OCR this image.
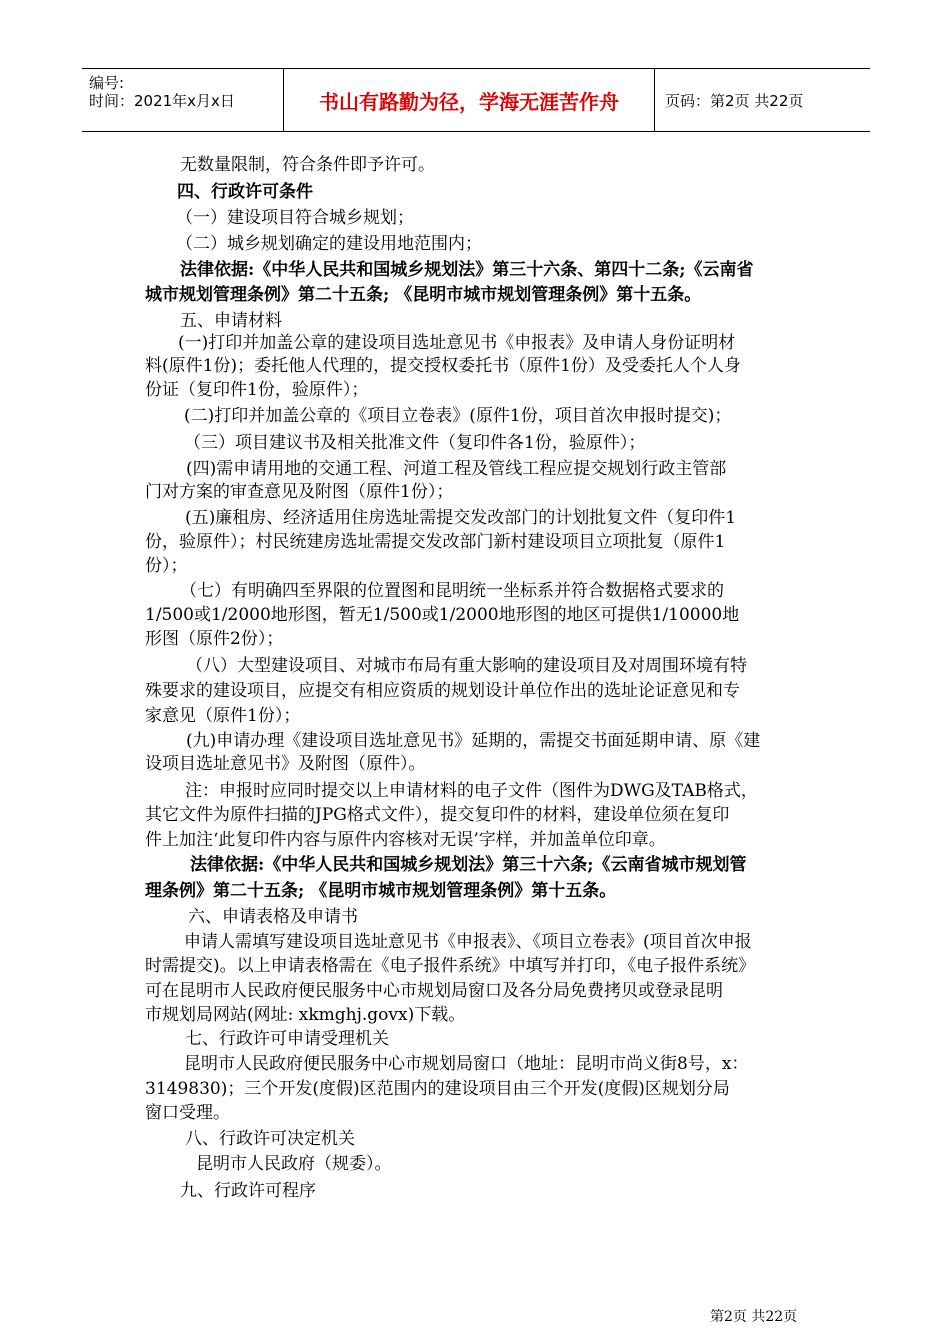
编号:
时间：2021年x月x日	书山有路勤为径，学海无涯苦作舟	页码：第2页 共22页
无数量限制，符合条件即予许可。
四、行政许可条件
（一）建设项目符合城乡规划；
（二）城乡规划确定的建设用地范围内；
法律依据:《中华人民共和国城乡规划法》第三十六条、第四十二条;《云南省
城市规划管理条例》第二十五条; 《昆明市城市规划管理条例》第十五条。
五、申请材料
(一)打印并加盖公章的建设项目选址意见书《申报表》及申请人身份证明材
料(原件1份)；委托他人代理的，提交授权委托书（原件1份）及受委托人个人身
份证（复印件1份，验原件）；
(二)打印并加盖公章的《项目立卷表》(原件1份，项目首次申报时提交)；
（三）项目建议书及相关批准文件（复印件各1份，验原件）；
(四)需申请用地的交通工程、河道工程及管线工程应提交规划行政主管部
门对方案的审查意见及附图（原件1份）；
(五)廉租房、经济适用住房选址需提交发改部门的计划批复文件（复印件1
份，验原件）；村民统建房选址需提交发改部门新村建设项目立项批复（原件1
份）；
（七）有明确四至界限的位置图和昆明统一坐标系并符合数据格式要求的
1/500或1/2000地形图，暂无1/500或1/2000地形图的地区可提供1/10000地
形图（原件2份）；
（八）大型建设项目、对城市布局有重大影响的建设项目及对周围环境有特
殊要求的建设项目，应提交有相应资质的规划设计单位作出的选址论证意见和专
家意见（原件1份）；
(九)申请办理《建设项目选址意见书》延期的，需提交书面延期申请、原《建
设项目选址意见书》及附图（原件）。
注：申报时应同时提交以上申请材料的电子文件（图件为DWG及TAB格式，
其它文件为原件扫描的JPG格式文件），提交复印件的材料，建设单位须在复印
件上加注‘此复印件内容与原件内容核对无误’字样，并加盖单位印章。
法律依据:《中华人民共和国城乡规划法》第三十六条;《云南省城市规划管
理条例》第二十五条; 《昆明市城市规划管理条例》第十五条。
六、申请表格及申请书
申请人需填写建设项目选址意见书《申报表》、《项目立卷表》(项目首次申报
时需提交)。以上申请表格需在《电子报件系统》中填写并打印，《电子报件系统》
可在昆明市人民政府便民服务中心市规划局窗口及各分局免费拷贝或登录昆明
市规划局网站(网址: xkmghj.govx)下载。
七、行政许可申请受理机关
昆明市人民政府便民服务中心市规划局窗口（地址：昆明市尚义街8号，x：
3149830)；三个开发(度假)区范围内的建设项目由三个开发(度假)区规划分局
窗口受理。
八、行政许可决定机关
昆明市人民政府（规委）。
九、行政许可程序
第2页 共22页
